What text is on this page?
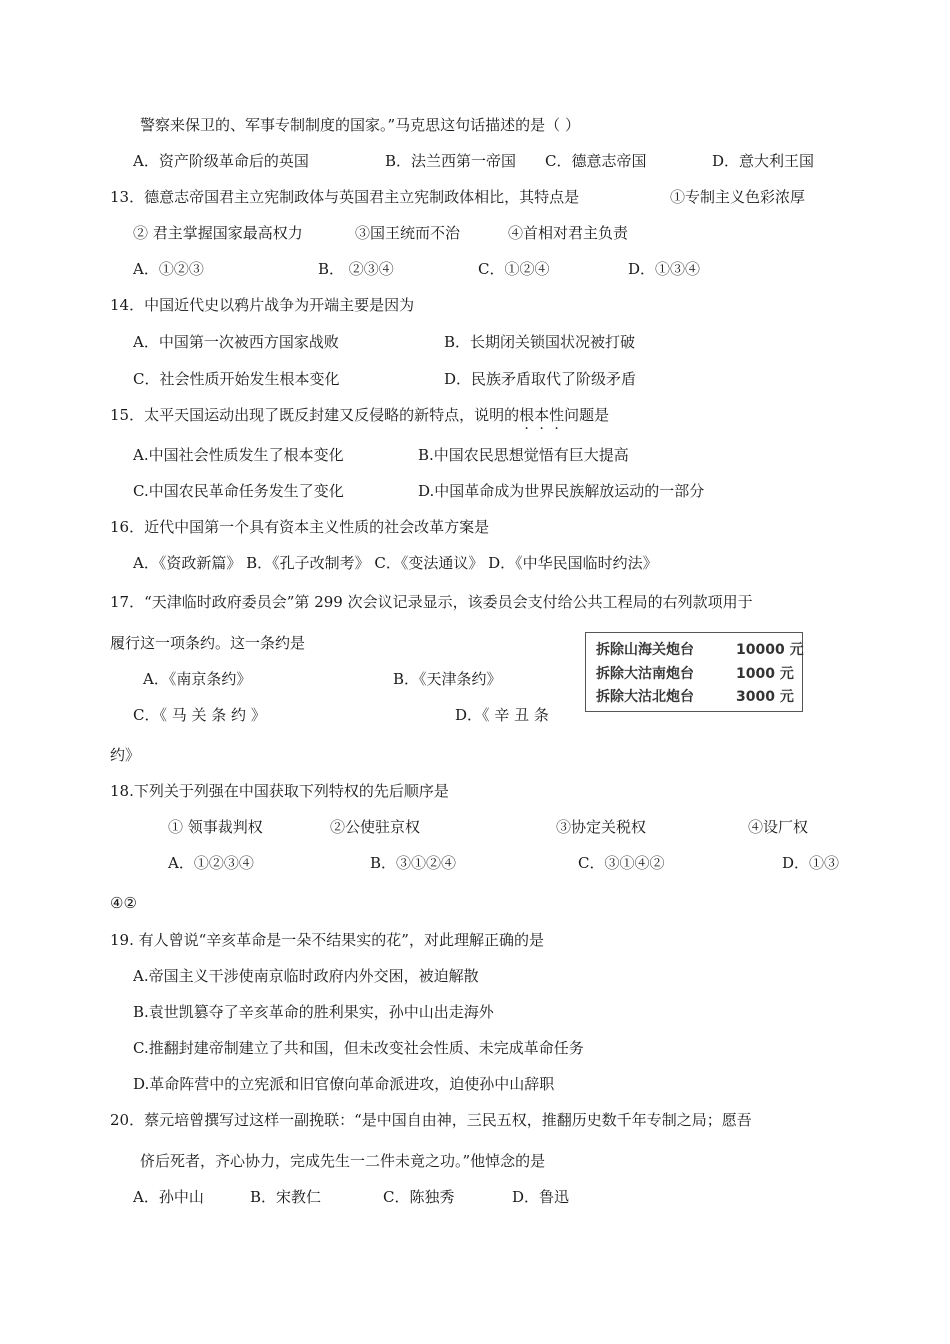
警察来保卫的、军事专制制度的国家。”马克思这句话描述的是（ ）
A．资产阶级革命后的英国	B．法兰西第一帝国 C．德意志帝国	D．意大利王国
13．德意志帝国君主立宪制政体与英国君主立宪制政体相比，其特点是	①专制主义色彩浓厚
② 君主掌握国家最高权力	③国王统而不治	④首相对君主负责
A．①②③	B． ②③④	C．①②④	D．①③④
14．中国近代史以鸦片战争为开端主要是因为
A．中国第一次被西方国家战败	B．长期闭关锁国状况被打破
C．社会性质开始发生根本变化	D．民族矛盾取代了阶级矛盾
15．太平天国运动出现了既反封建又反侵略的新特点，说明的根本性问题是
A.中国社会性质发生了根本变化	B.中国农民思想觉悟有巨大提高
C.中国农民革命任务发生了变化	D.中国革命成为世界民族解放运动的一部分
16．近代中国第一个具有资本主义性质的社会改革方案是
A．《资政新篇》 B．《孔子改制考》 C．《变法通议》 D．《中华民国临时约法》
17．“天津临时政府委员会”第 299 次会议记录显示，该委员会支付给公共工程局的右列款项用于
履行这一项条约。这一条约是
A．《南京条约》	B．《天津条约》
C．《 马 关 条 约 》	D．《 辛 丑 条
约》
拆除山海关炮台	10000 元
拆除大沽南炮台	1000 元
拆除大沽北炮台	3000 元
18.下列关于列强在中国获取下列特权的先后顺序是
① 领事裁判权	②公使驻京权	③协定关税权	④设厂权
A．①②③④	B．③①②④	C．③①④②	D．①③
④②
19. 有人曾说“辛亥革命是一朵不结果实的花”，对此理解正确的是
A.帝国主义干涉使南京临时政府内外交困，被迫解散
B.袁世凯篡夺了辛亥革命的胜利果实，孙中山出走海外
C.推翻封建帝制建立了共和国，但未改变社会性质、未完成革命任务
D.革命阵营中的立宪派和旧官僚向革命派进攻，迫使孙中山辞职
20．蔡元培曾撰写过这样一副挽联：“是中国自由神，三民五权，推翻历史数千年专制之局；愿吾
侪后死者，齐心协力，完成先生一二件未竟之功。”他悼念的是
A．孙中山	B．宋教仁	C．陈独秀	D．鲁迅
